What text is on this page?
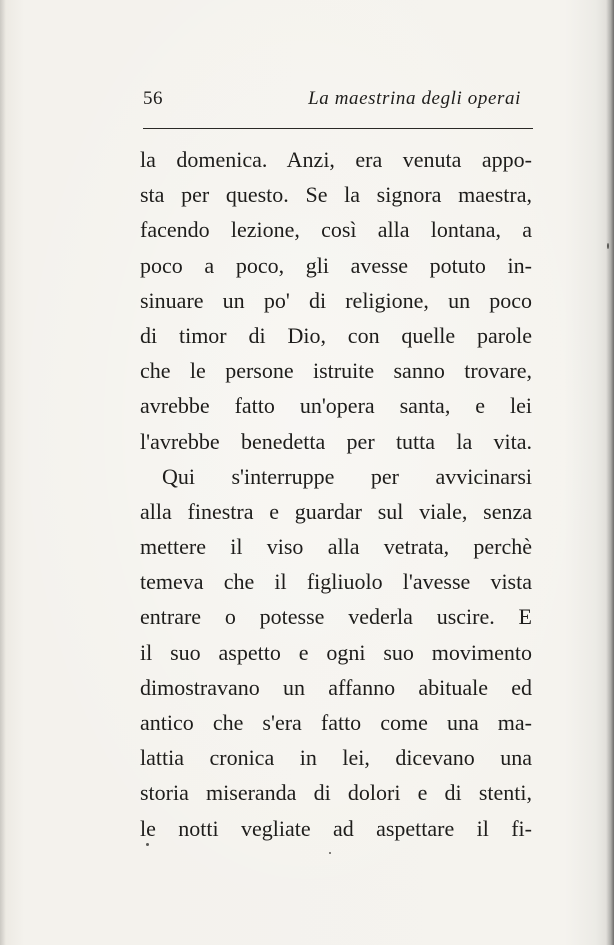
56	La maestrina degli operai
la domenica. Anzi, era venuta appo-
sta per questo. Se la signora maestra,
facendo lezione, così alla lontana, a
poco a poco, gli avesse potuto in-
sinuare un po' di religione, un poco
di timor di Dio, con quelle parole
che le persone istruite sanno trovare,
avrebbe fatto un'opera santa, e lei
l'avrebbe benedetta per tutta la vita.
Qui s'interruppe per avvicinarsi
alla finestra e guardar sul viale, senza
mettere il viso alla vetrata, perchè
temeva che il figliuolo l'avesse vista
entrare o potesse vederla uscire. E
il suo aspetto e ogni suo movimento
dimostravano un affanno abituale ed
antico che s'era fatto come una ma-
lattia cronica in lei, dicevano una
storia miseranda di dolori e di stenti,
le notti vegliate ad aspettare il fi-
